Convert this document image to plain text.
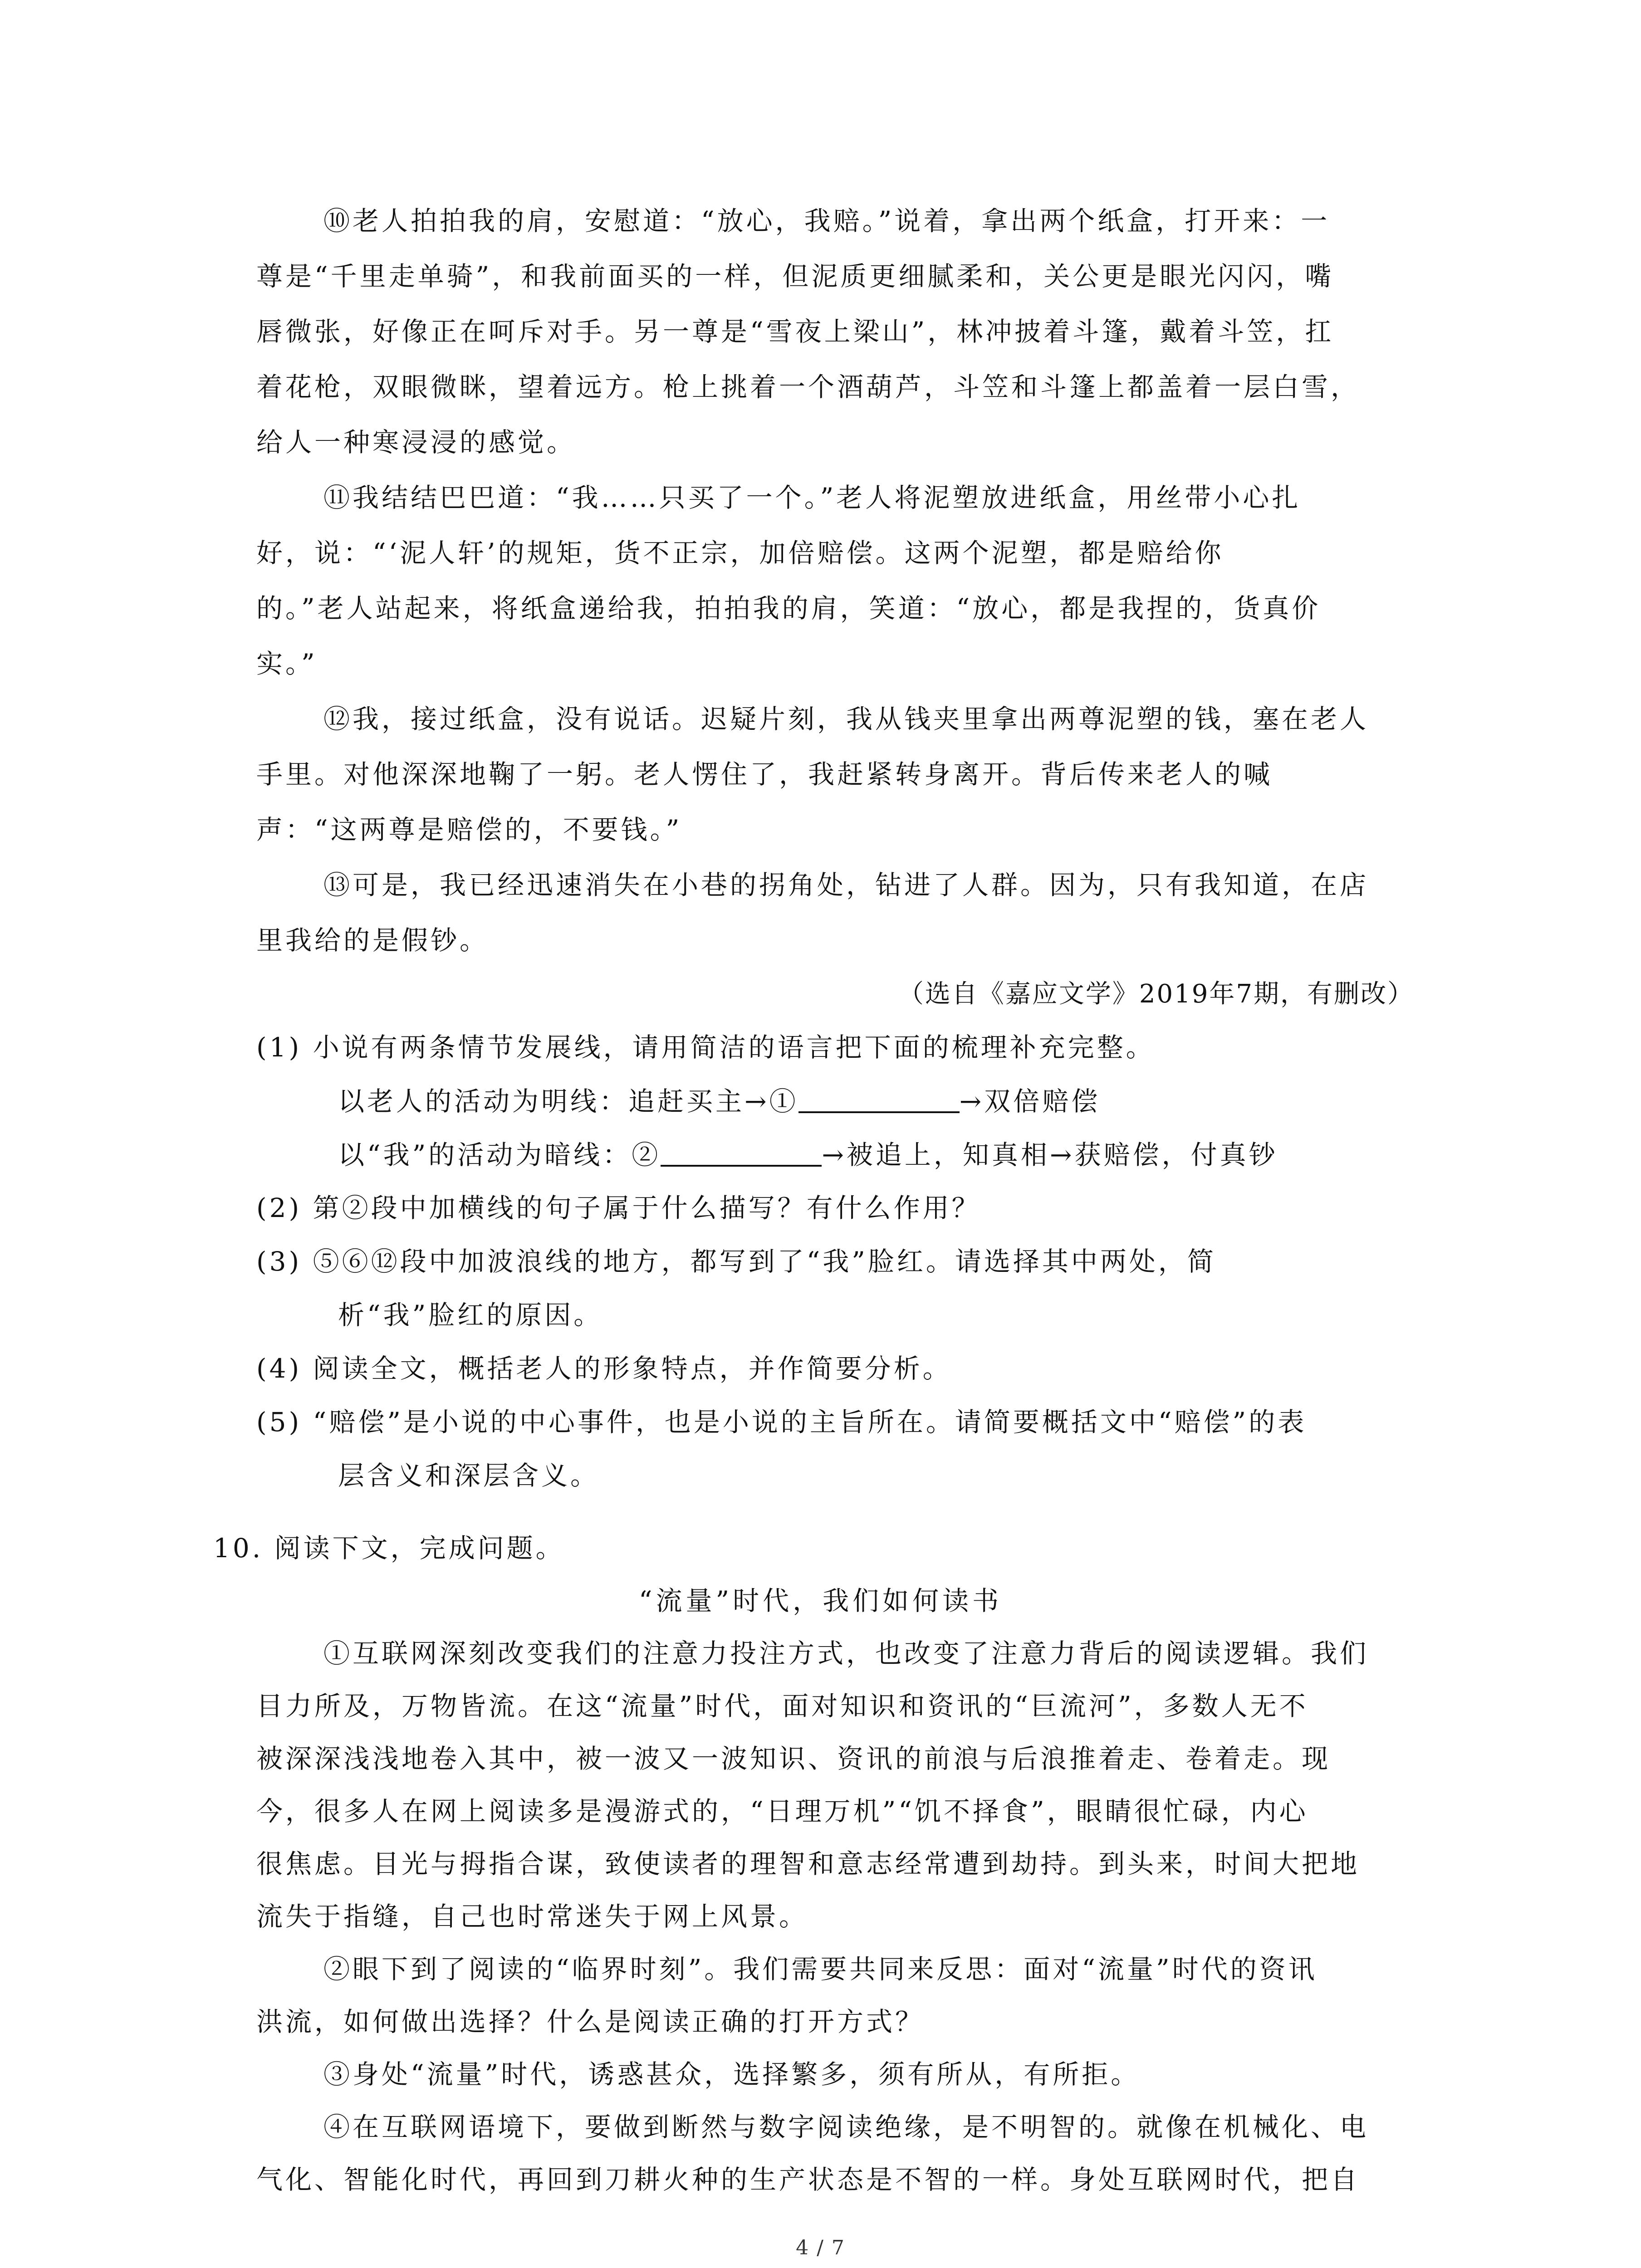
⑩老人拍拍我的肩，安慰道：“放心，我赔。”说着，拿出两个纸盒，打开来：一
尊是“千里走单骑”，和我前面买的一样，但泥质更细腻柔和，关公更是眼光闪闪，嘴
唇微张，好像正在呵斥对手。另一尊是“雪夜上梁山”，林冲披着斗篷，戴着斗笠，扛
着花枪，双眼微眯，望着远方。枪上挑着一个酒葫芦，斗笠和斗篷上都盖着一层白雪，
给人一种寒浸浸的感觉。
⑪我结结巴巴道：“我……只买了一个。”老人将泥塑放进纸盒，用丝带小心扎
好，说：“‘泥人轩’的规矩，货不正宗，加倍赔偿。这两个泥塑，都是赔给你
的。”老人站起来，将纸盒递给我，拍拍我的肩，笑道：“放心，都是我捏的，货真价
实。”
⑫我，接过纸盒，没有说话。迟疑片刻，我从钱夹里拿出两尊泥塑的钱，塞在老人
手里。对他深深地鞠了一躬。老人愣住了，我赶紧转身离开。背后传来老人的喊
声：“这两尊是赔偿的，不要钱。”
⑬可是，我已经迅速消失在小巷的拐角处，钻进了人群。因为，只有我知道，在店
里我给的是假钞。
（选自《嘉应文学》2019年7期，有删改）
(1) 小说有两条情节发展线，请用简洁的语言把下面的梳理补充完整。
以老人的活动为明线：追赶买主→①	→双倍赔偿
以“我”的活动为暗线：②	→被追上，知真相→获赔偿，付真钞
(2) 第②段中加横线的句子属于什么描写？有什么作用？
(3) ⑤⑥⑫段中加波浪线的地方，都写到了“我”脸红。请选择其中两处，简
析“我”脸红的原因。
(4) 阅读全文，概括老人的形象特点，并作简要分析。
(5) “赔偿”是小说的中心事件，也是小说的主旨所在。请简要概括文中“赔偿”的表
层含义和深层含义。
10. 阅读下文，完成问题。
“流量”时代，我们如何读书
①互联网深刻改变我们的注意力投注方式，也改变了注意力背后的阅读逻辑。我们
目力所及，万物皆流。在这“流量”时代，面对知识和资讯的“巨流河”，多数人无不
被深深浅浅地卷入其中，被一波又一波知识、资讯的前浪与后浪推着走、卷着走。现
今，很多人在网上阅读多是漫游式的，“日理万机”“饥不择食”，眼睛很忙碌，内心
很焦虑。目光与拇指合谋，致使读者的理智和意志经常遭到劫持。到头来，时间大把地
流失于指缝，自己也时常迷失于网上风景。
②眼下到了阅读的“临界时刻”。我们需要共同来反思：面对“流量”时代的资讯
洪流，如何做出选择？什么是阅读正确的打开方式？
③身处“流量”时代，诱惑甚众，选择繁多，须有所从，有所拒。
④在互联网语境下，要做到断然与数字阅读绝缘，是不明智的。就像在机械化、电
气化、智能化时代，再回到刀耕火种的生产状态是不智的一样。身处互联网时代，把自
4 / 7
